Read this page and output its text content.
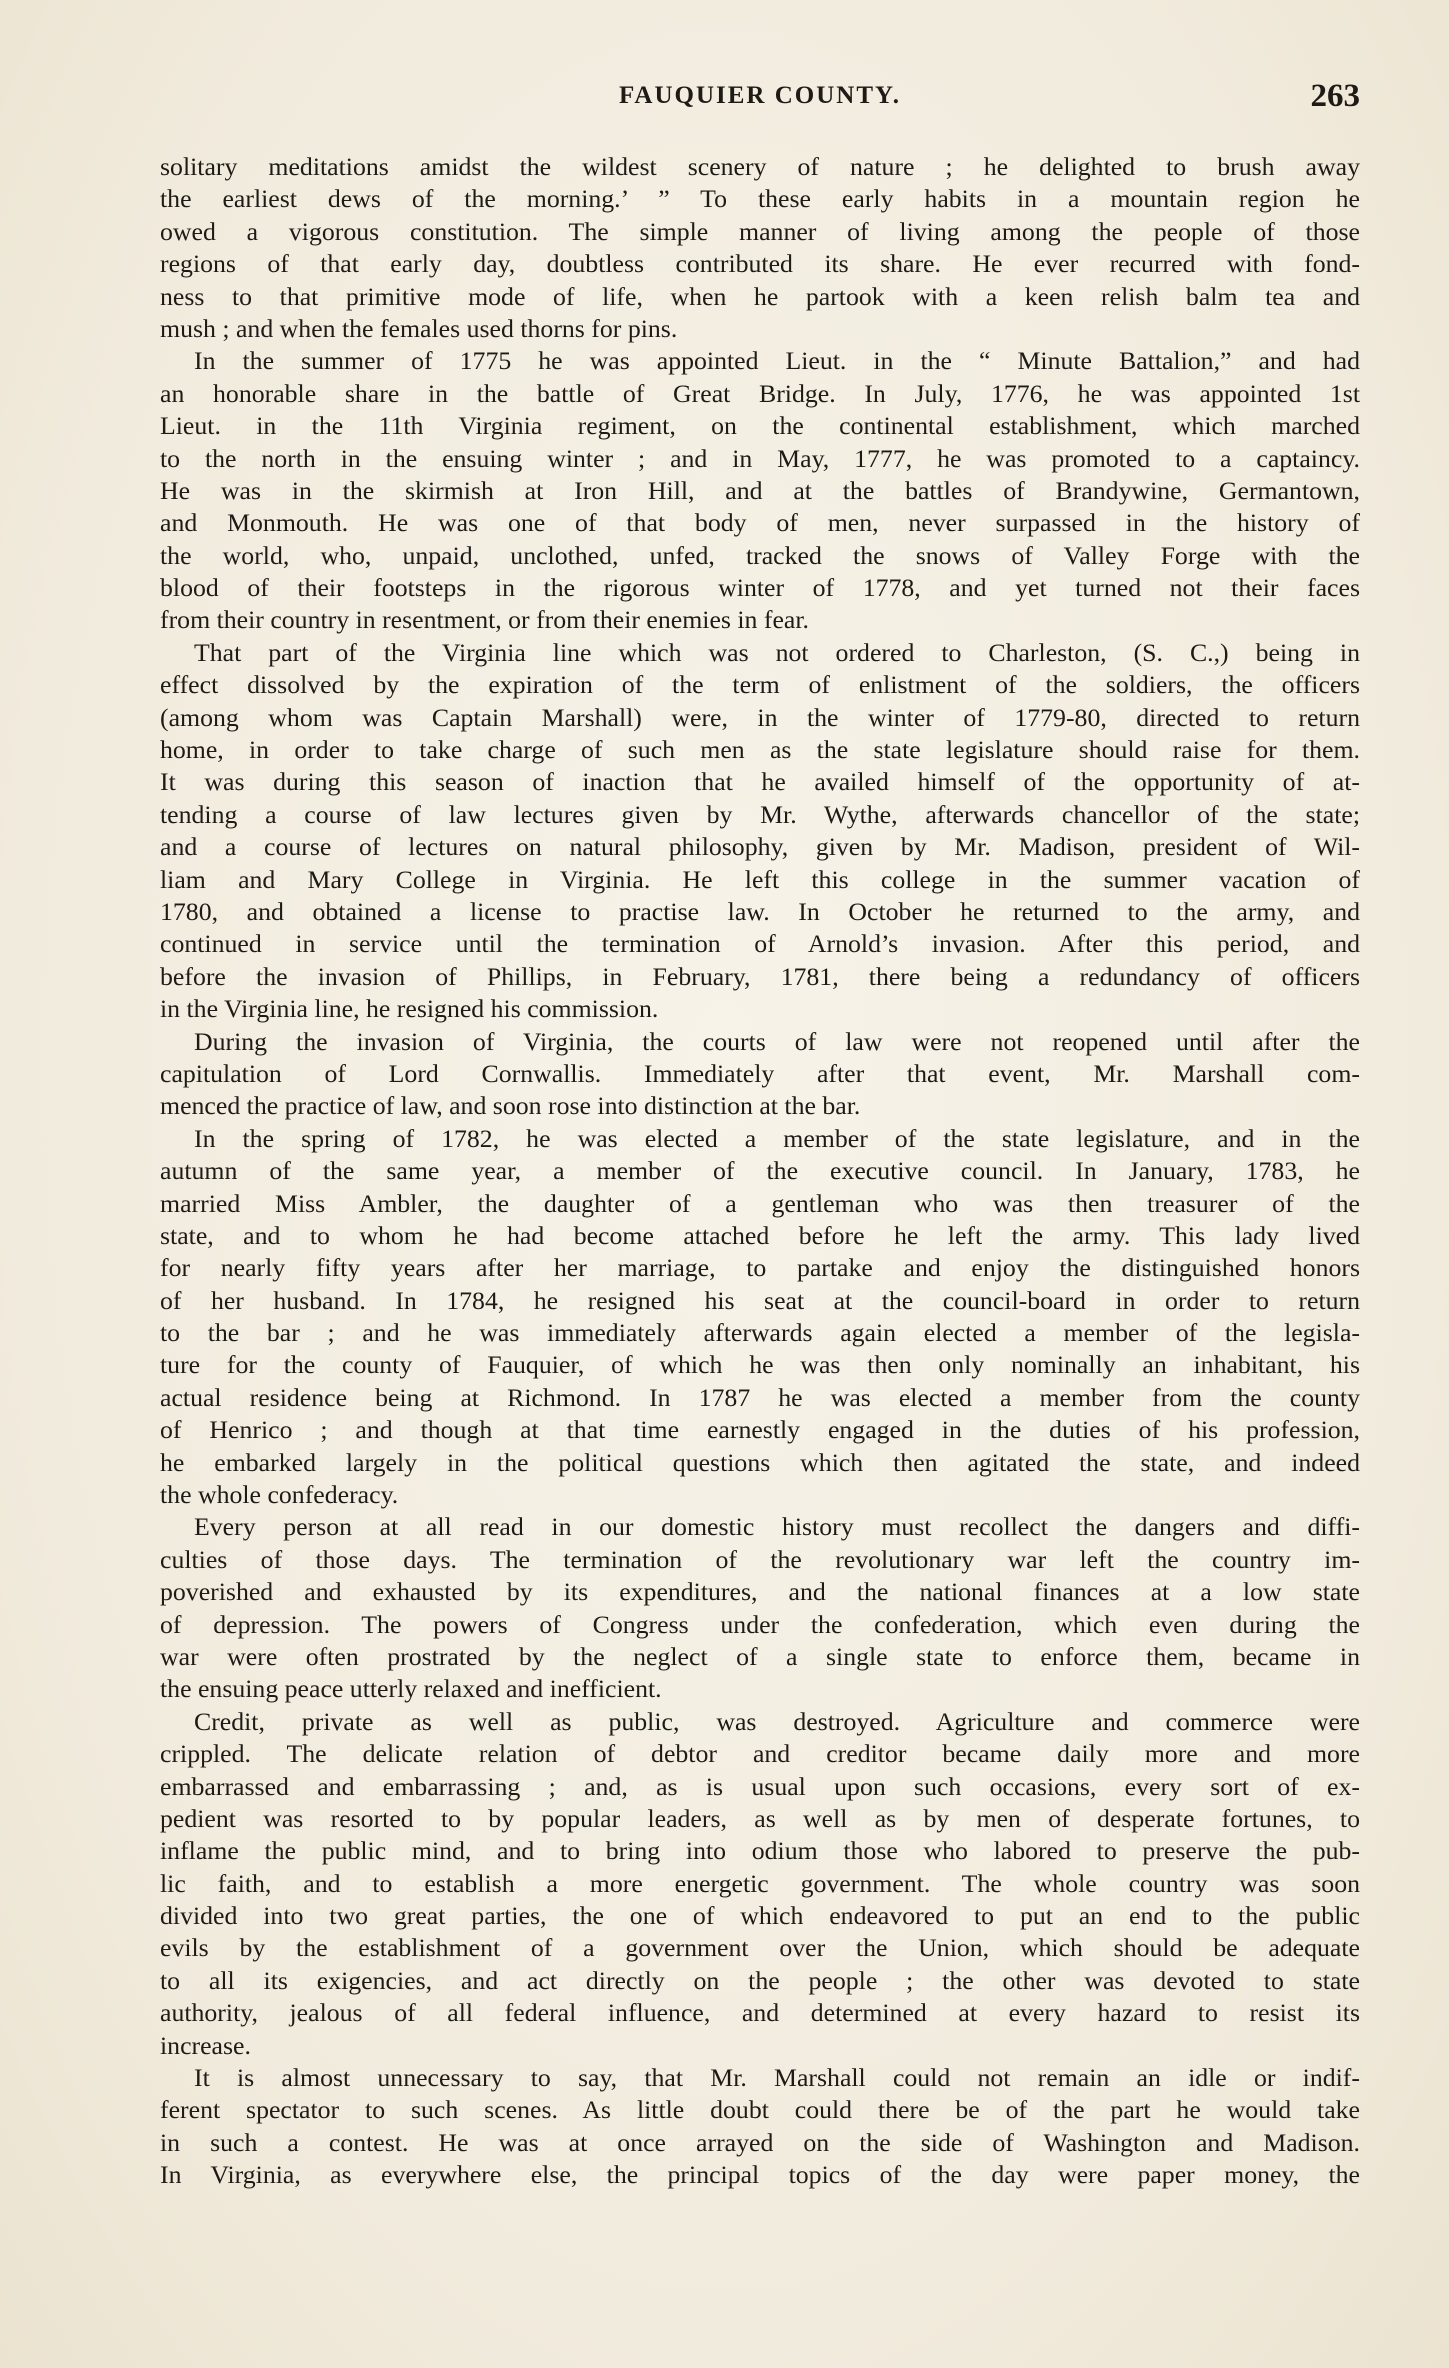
FAUQUIER COUNTY.	263
solitary meditations amidst the wildest scenery of nature ; he delighted to brush away
the earliest dews of the morning.’ ” To these early habits in a mountain region he
owed a vigorous constitution. The simple manner of living among the people of those
regions of that early day, doubtless contributed its share. He ever recurred with fond-
ness to that primitive mode of life, when he partook with a keen relish balm tea and
mush ; and when the females used thorns for pins.
In the summer of 1775 he was appointed Lieut. in the “ Minute Battalion,” and had
an honorable share in the battle of Great Bridge. In July, 1776, he was appointed 1st
Lieut. in the 11th Virginia regiment, on the continental establishment, which marched
to the north in the ensuing winter ; and in May, 1777, he was promoted to a captaincy.
He was in the skirmish at Iron Hill, and at the battles of Brandywine, Germantown,
and Monmouth. He was one of that body of men, never surpassed in the history of
the world, who, unpaid, unclothed, unfed, tracked the snows of Valley Forge with the
blood of their footsteps in the rigorous winter of 1778, and yet turned not their faces
from their country in resentment, or from their enemies in fear.
That part of the Virginia line which was not ordered to Charleston, (S. C.,) being in
effect dissolved by the expiration of the term of enlistment of the soldiers, the officers
(among whom was Captain Marshall) were, in the winter of 1779-80, directed to return
home, in order to take charge of such men as the state legislature should raise for them.
It was during this season of inaction that he availed himself of the opportunity of at-
tending a course of law lectures given by Mr. Wythe, afterwards chancellor of the state;
and a course of lectures on natural philosophy, given by Mr. Madison, president of Wil-
liam and Mary College in Virginia. He left this college in the summer vacation of
1780, and obtained a license to practise law. In October he returned to the army, and
continued in service until the termination of Arnold’s invasion. After this period, and
before the invasion of Phillips, in February, 1781, there being a redundancy of officers
in the Virginia line, he resigned his commission.
During the invasion of Virginia, the courts of law were not reopened until after the
capitulation of Lord Cornwallis. Immediately after that event, Mr. Marshall com-
menced the practice of law, and soon rose into distinction at the bar.
In the spring of 1782, he was elected a member of the state legislature, and in the
autumn of the same year, a member of the executive council. In January, 1783, he
married Miss Ambler, the daughter of a gentleman who was then treasurer of the
state, and to whom he had become attached before he left the army. This lady lived
for nearly fifty years after her marriage, to partake and enjoy the distinguished honors
of her husband. In 1784, he resigned his seat at the council-board in order to return
to the bar ; and he was immediately afterwards again elected a member of the legisla-
ture for the county of Fauquier, of which he was then only nominally an inhabitant, his
actual residence being at Richmond. In 1787 he was elected a member from the county
of Henrico ; and though at that time earnestly engaged in the duties of his profession,
he embarked largely in the political questions which then agitated the state, and indeed
the whole confederacy.
Every person at all read in our domestic history must recollect the dangers and diffi-
culties of those days. The termination of the revolutionary war left the country im-
poverished and exhausted by its expenditures, and the national finances at a low state
of depression. The powers of Congress under the confederation, which even during the
war were often prostrated by the neglect of a single state to enforce them, became in
the ensuing peace utterly relaxed and inefficient.
Credit, private as well as public, was destroyed. Agriculture and commerce were
crippled. The delicate relation of debtor and creditor became daily more and more
embarrassed and embarrassing ; and, as is usual upon such occasions, every sort of ex-
pedient was resorted to by popular leaders, as well as by men of desperate fortunes, to
inflame the public mind, and to bring into odium those who labored to preserve the pub-
lic faith, and to establish a more energetic government. The whole country was soon
divided into two great parties, the one of which endeavored to put an end to the public
evils by the establishment of a government over the Union, which should be adequate
to all its exigencies, and act directly on the people ; the other was devoted to state
authority, jealous of all federal influence, and determined at every hazard to resist its
increase.
It is almost unnecessary to say, that Mr. Marshall could not remain an idle or indif-
ferent spectator to such scenes. As little doubt could there be of the part he would take
in such a contest. He was at once arrayed on the side of Washington and Madison.
In Virginia, as everywhere else, the principal topics of the day were paper money, the
